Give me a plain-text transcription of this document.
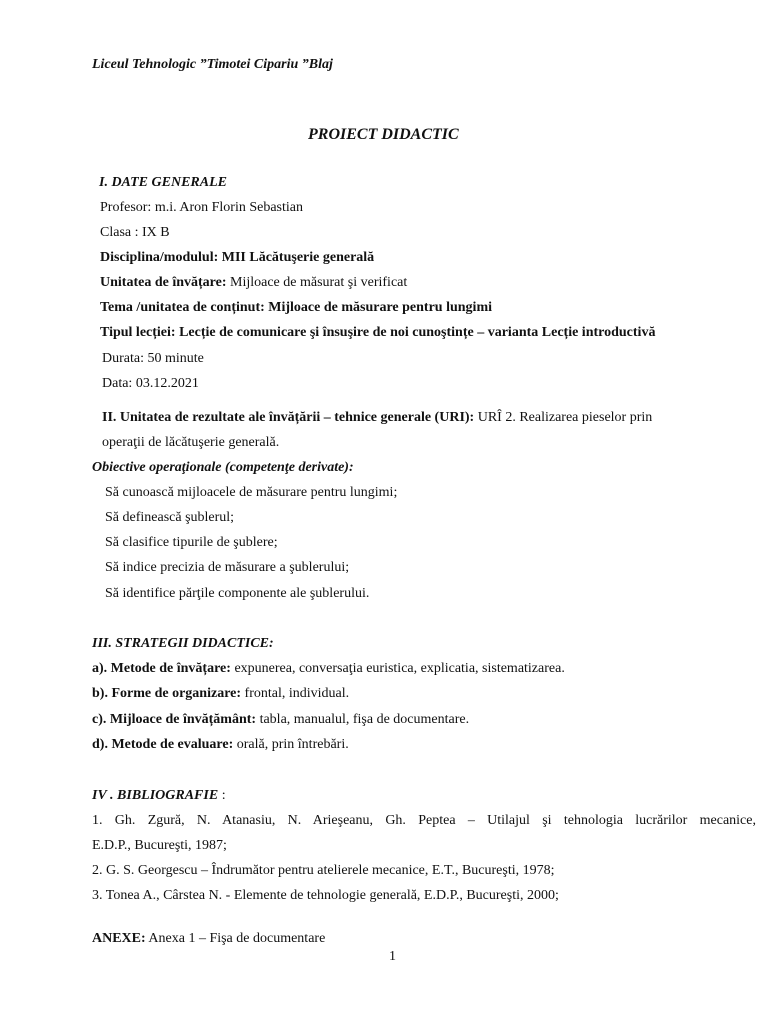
Liceul Tehnologic ”Timotei Cipariu ”Blaj
PROIECT DIDACTIC
I. DATE GENERALE
Profesor: m.i. Aron Florin Sebastian
Clasa : IX B
Disciplina/modulul: MII Lăcătuşerie generală
Unitatea de învățare: Mijloace de măsurat şi verificat
Tema /unitatea de conținut: Mijloace de măsurare pentru lungimi
Tipul lecției: Lecție de comunicare şi însuşire de noi cunoştințe – varianta Lecție introductivă
Durata: 50 minute
Data: 03.12.2021
II. Unitatea de rezultate ale învățării – tehnice generale (URI): URÎ 2. Realizarea pieselor prin
operaţii de lăcătuşerie generală.
Obiective operaţionale (competenţe derivate):
Să cunoască mijloacele de măsurare pentru lungimi;
Să definească şublerul;
Să clasifice tipurile de şublere;
Să indice precizia de măsurare a şublerului;
Să identifice părţile componente ale şublerului.
III. STRATEGII DIDACTICE:
a). Metode de învățare: expunerea, conversaţia euristica, explicatia, sistematizarea.
b). Forme de organizare: frontal, individual.
c). Mijloace de învățământ: tabla, manualul, fişa de documentare.
d). Metode de evaluare: orală, prin întrebări.
IV . BIBLIOGRAFIE :
1. Gh. Zgură, N. Atanasiu, N. Arieşeanu, Gh. Peptea – Utilajul şi tehnologia lucrărilor mecanice,
E.D.P., Bucureşti, 1987;
2. G. S. Georgescu – Îndrumător pentru atelierele mecanice, E.T., Bucureşti, 1978;
3. Tonea A., Cârstea N. - Elemente de tehnologie generală, E.D.P., Bucureşti, 2000;
ANEXE: Anexa 1 – Fişa de documentare
1
